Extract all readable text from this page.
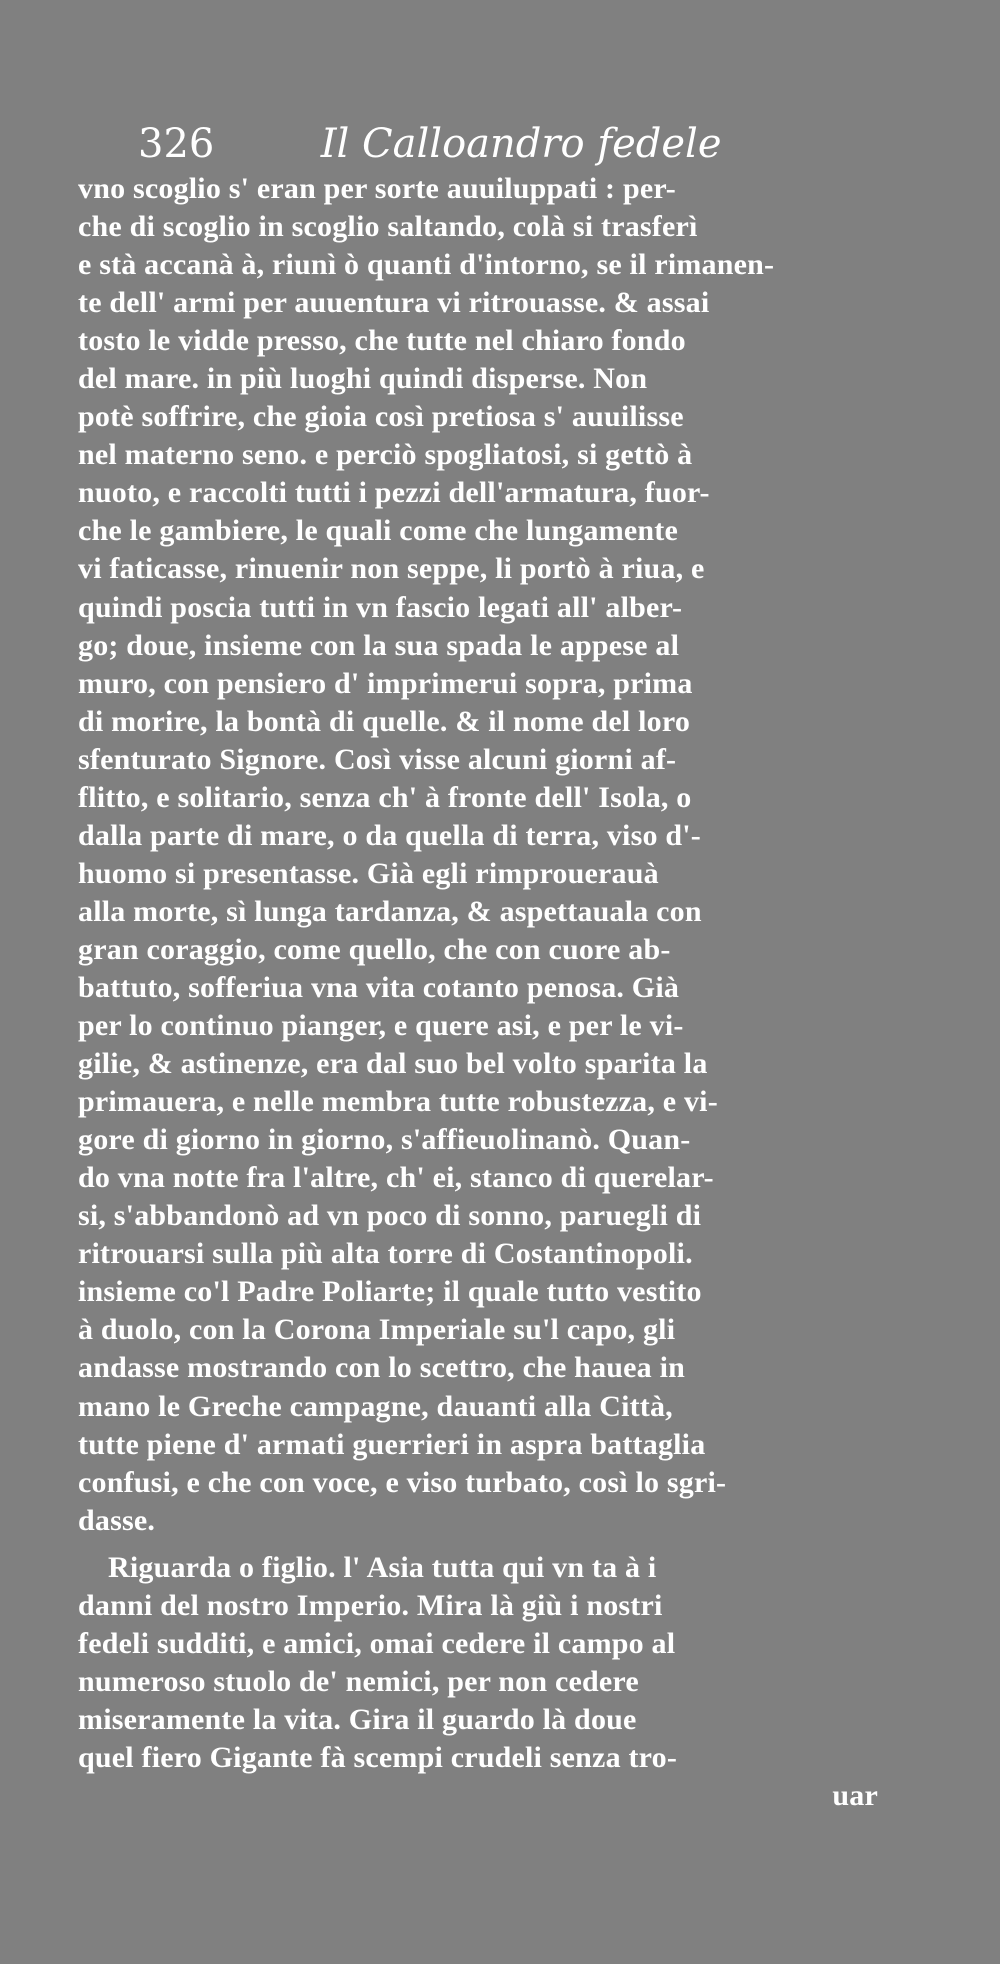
326	Il Calloandro fedele
vno scoglio s' eran per sorte auuiluppati : per-
che di scoglio in scoglio saltando, colà si trasferì
e stà accanà à, riunì ò quanti d'intorno, se il rimanen-
te dell' armi per auuentura vi ritrouasse. & assai
tosto le vidde presso, che tutte nel chiaro fondo
del mare. in più luoghi quindi disperse. Non
potè soffrire, che gioia così pretiosa s' auuilisse
nel materno seno. e perciò spogliatosi, si gettò à
nuoto, e raccolti tutti i pezzi dell'armatura, fuor-
che le gambiere, le quali come che lungamente
vi faticasse, rinuenir non seppe, li portò à riua, e
quindi poscia tutti in vn fascio legati all' alber-
go; doue, insieme con la sua spada le appese al
muro, con pensiero d' imprimerui sopra, prima
di morire, la bontà di quelle. & il nome del loro
sfenturato Signore. Così visse alcuni giorni af-
flitto, e solitario, senza ch' à fronte dell' Isola, o
dalla parte di mare, o da quella di terra, viso d'-
huomo si presentasse. Già egli rimprouerauà
alla morte, sì lunga tardanza, & aspettauala con
gran coraggio, come quello, che con cuore ab-
battuto, sofferiua vna vita cotanto penosa. Già
per lo continuo pianger, e quere asi, e per le vi-
gilie, & astinenze, era dal suo bel volto sparita la
primauera, e nelle membra tutte robustezza, e vi-
gore di giorno in giorno, s'affieuolinanò. Quan-
do vna notte fra l'altre, ch' ei, stanco di querelar-
si, s'abbandonò ad vn poco di sonno, paruegli di
ritrouarsi sulla più alta torre di Costantinopoli.
insieme co'l Padre Poliarte; il quale tutto vestito
à duolo, con la Corona Imperiale su'l capo, gli
andasse mostrando con lo scettro, che hauea in
mano le Greche campagne, dauanti alla Città,
tutte piene d' armati guerrieri in aspra battaglia
confusi, e che con voce, e viso turbato, così lo sgri-
dasse.
Riguarda o figlio. l' Asia tutta qui vn ta à i
danni del nostro Imperio. Mira là giù i nostri
fedeli sudditi, e amici, omai cedere il campo al
numeroso stuolo de' nemici, per non cedere
miseramente la vita. Gira il guardo là doue
quel fiero Gigante fà scempi crudeli senza tro-
uar
